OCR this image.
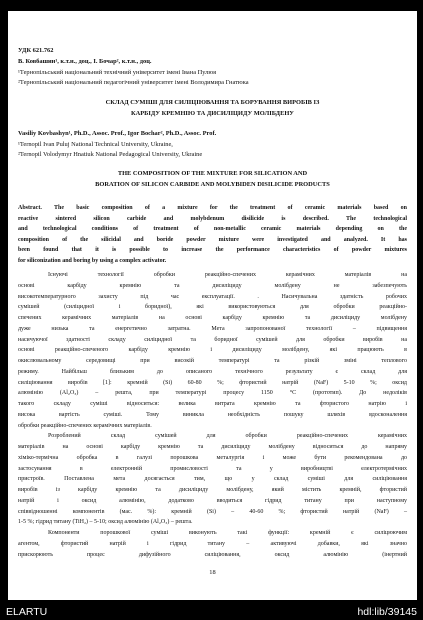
УДК 621.762
В. Ковбашин¹, к.т.н., доц., І. Бочар², к.т.н., доц.
¹Тернопільський національний технічний університет імені Івана Пулюя
²Тернопільський національний педагогічний університет імені Володимира Гнатюка
СКЛАД СУМІШІ ДЛЯ СИЛІЦІЮВАННЯ ТА БОРУВАННЯ ВИРОБІВ ІЗ
КАРБІДУ КРЕМНІЮ ТА ДИСИЛІЦИДУ МОЛІБДЕНУ
Vasiliy Kovbashyn¹, Ph.D., Assoc. Prof., Igor Bochar², Ph.D., Assoc. Prof.
¹Ternopil Ivan Puluj National Technical University, Ukraine,
²Ternopil Volodymyr Hnatiuk National Pedagogical University, Ukraine
THE COMPOSITION OF THE MIXTURE FOR SILICATION AND
BORATION OF SILICON CARBIDE AND MOLYBIDEN DISILICIDE PRODUCTS
Abstract. The basic composition of a mixture for the treatment of ceramic materials based on
reactive sintered silicon carbide and molybdenum disilicide is described. The technological
and technological conditions of treatment of non-metallic ceramic materials depending on the
composition of the silicidal and boride powder mixture were investigated and analyzed. It has
been found that it is possible to increase the performance characteristics of powder mixtures
for siliconization and boring by using a complex activator.
Існуючі технології обробки реакційно-спечених керамічних матеріалів на
основі карбіду кремнію та дисиліциду молібдену не забезпечують
високотемпературного захисту під час експлуатації. . Насичувальна здатність робочих
сумішей (силіцидної і боридної), які використовуються для обробки реакційно-
спечених керамічних матеріалів на основі карбіду кремнію та дисиліциду молібдену
дуже низька та енергетично затратна. Мета запропонованої технології – підвищення
насичуючої здатності складу силіцидної та боридної сумішей для обробки виробів на
основі реакційно-спеченого карбіду кремнію і дисиліциду молібдену, які працюють в
окислювальному середовищі при високій температурі та різкій зміні тeплового
режиму. Найбільш близьким до описаного технічного результату є склад для
силіціювання виробів [1]: кремній (Si) 60-80 %; фтористий натрій (NaF) 5-10 %; оксид
алюмінію (Al₂O₃) – решта, при температурі процесу 1150 °С (прототип). До недоліків
такого складу суміші відноситься: велика витрата кремнію та фтористого натрію і
висока вартість суміші. Тому виникла необхідність пошуку шляхів вдосконалення
обробки реакційно-спечених керамічних матеріалів.
Розроблений склад сумішей для обробки реакційно-спечених керамічних
матеріалів на основі карбіду кремнію та дисиліциду молібдену відноситься до напряму
хіміко-термічна обробка в галузі порошкова металургія і може бути рекомендована до
застосування в електронній промисловості та у виробництві електротермічних
пристроїв. Поставлена мета досягається тим, що у склад суміші для силіціювання
виробів із карбіду кремнію та дисиліциду молібдену, який містить кремній, фтористий
натрій і оксид алюмінію, додатково вводиться гідрид титану при наступному
співвідношенні компонентів (мас. %): кремній (Si) – 40-60 %; фтористий натрій (NaF) –
1-5 %; гідрид титану (TiH₂) – 5-10; оксид алюмінію (Al₂O₃) – решта.
Компоненти порошкової суміші виконують такі функції: кремній є силіцюючим
агентом, фтористий натрій і гідрид титану – активуючі добавки, які значно
прискорюють процес дифузійного силіціювання, оксид алюмінію (інертний
18
ELARTU	hdl:lib/39145
